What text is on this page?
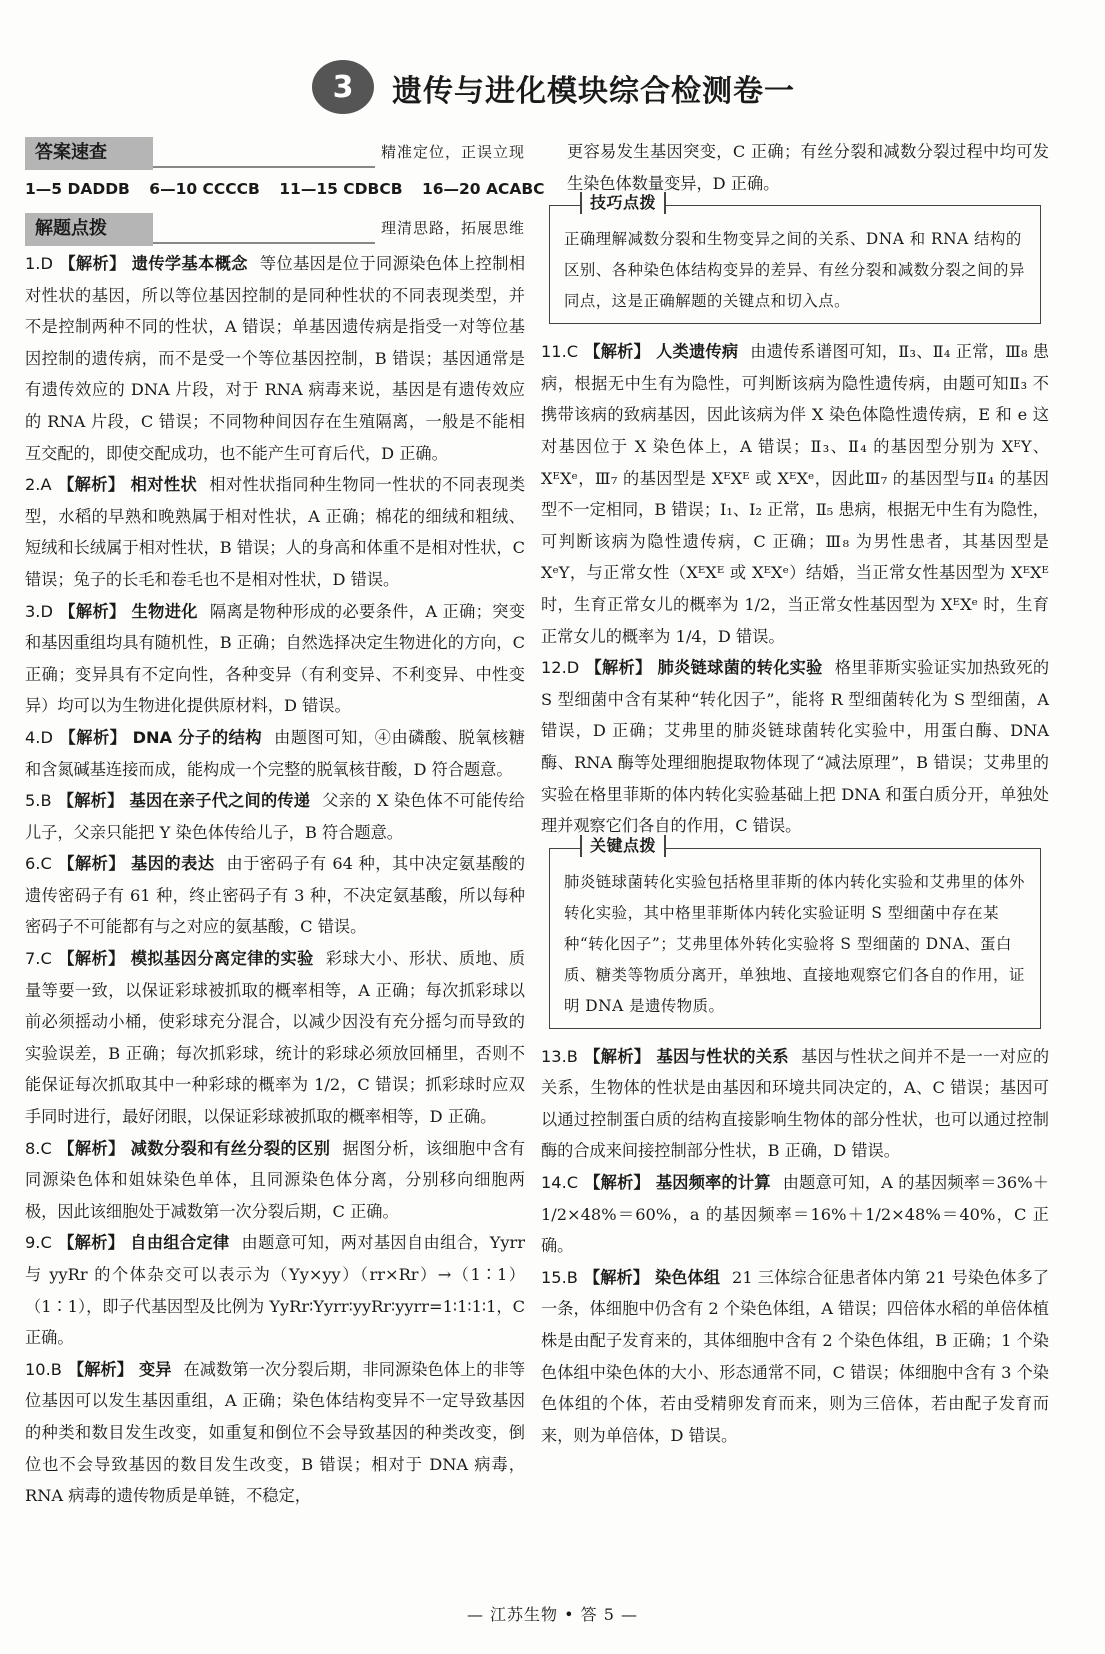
3	遗传与进化模块综合检测卷一
答案速查	精准定位，正误立现
1—5 DADDB 6—10 CCCCB 11—15 CDBCB 16—20 ACABC
解题点拨	理清思路，拓展思维
1.D 【解析】 遗传学基本概念 等位基因是位于同源染色体上控制相对性状的基因，所以等位基因控制的是同种性状的不同表现类型，并不是控制两种不同的性状，A 错误；单基因遗传病是指受一对等位基因控制的遗传病，而不是受一个等位基因控制，B 错误；基因通常是有遗传效应的 DNA 片段，对于 RNA 病毒来说，基因是有遗传效应的 RNA 片段，C 错误；不同物种间因存在生殖隔离，一般是不能相互交配的，即使交配成功，也不能产生可育后代，D 正确。
2.A 【解析】 相对性状 相对性状指同种生物同一性状的不同表现类型，水稻的早熟和晚熟属于相对性状，A 正确；棉花的细绒和粗绒、短绒和长绒属于相对性状，B 错误；人的身高和体重不是相对性状，C 错误；兔子的长毛和卷毛也不是相对性状，D 错误。
3.D 【解析】 生物进化 隔离是物种形成的必要条件，A 正确；突变和基因重组均具有随机性，B 正确；自然选择决定生物进化的方向，C 正确；变异具有不定向性，各种变异（有利变异、不利变异、中性变异）均可以为生物进化提供原材料，D 错误。
4.D 【解析】 DNA 分子的结构 由题图可知，④由磷酸、脱氧核糖和含氮碱基连接而成，能构成一个完整的脱氧核苷酸，D 符合题意。
5.B 【解析】 基因在亲子代之间的传递 父亲的 X 染色体不可能传给儿子，父亲只能把 Y 染色体传给儿子，B 符合题意。
6.C 【解析】 基因的表达 由于密码子有 64 种，其中决定氨基酸的遗传密码子有 61 种，终止密码子有 3 种，不决定氨基酸，所以每种密码子不可能都有与之对应的氨基酸，C 错误。
7.C 【解析】 模拟基因分离定律的实验 彩球大小、形状、质地、质量等要一致，以保证彩球被抓取的概率相等，A 正确；每次抓彩球以前必须摇动小桶，使彩球充分混合，以减少因没有充分摇匀而导致的实验误差，B 正确；每次抓彩球，统计的彩球必须放回桶里，否则不能保证每次抓取其中一种彩球的概率为 1/2，C 错误；抓彩球时应双手同时进行，最好闭眼，以保证彩球被抓取的概率相等，D 正确。
8.C 【解析】 减数分裂和有丝分裂的区别 据图分析，该细胞中含有同源染色体和姐妹染色单体，且同源染色体分离，分别移向细胞两极，因此该细胞处于减数第一次分裂后期，C 正确。
9.C 【解析】 自由组合定律 由题意可知，两对基因自由组合，Yyrr 与 yyRr 的个体杂交可以表示为（Yy×yy）（rr×Rr）→（1∶1）（1∶1），即子代基因型及比例为 YyRr∶Yyrr∶yyRr∶yyrr=1∶1∶1∶1，C 正确。
10.B 【解析】 变异 在减数第一次分裂后期，非同源染色体上的非等位基因可以发生基因重组，A 正确；染色体结构变异不一定导致基因的种类和数目发生改变，如重复和倒位不会导致基因的种类改变，倒位也不会导致基因的数目发生改变，B 错误；相对于 DNA 病毒，RNA 病毒的遗传物质是单链，不稳定，
更容易发生基因突变，C 正确；有丝分裂和减数分裂过程中均可发生染色体数量变异，D 正确。
技巧点拨
正确理解减数分裂和生物变异之间的关系、DNA 和 RNA 结构的区别、各种染色体结构变异的差异、有丝分裂和减数分裂之间的异同点，这是正确解题的关键点和切入点。
11.C 【解析】 人类遗传病 由遗传系谱图可知，Ⅱ₃、Ⅱ₄ 正常，Ⅲ₈ 患病，根据无中生有为隐性，可判断该病为隐性遗传病，由题可知Ⅱ₃ 不携带该病的致病基因，因此该病为伴 X 染色体隐性遗传病，E 和 e 这对基因位于 X 染色体上，A 错误；Ⅱ₃、Ⅱ₄ 的基因型分别为 XᴱY、XᴱXᵉ，Ⅲ₇ 的基因型是 XᴱXᴱ 或 XᴱXᵉ，因此Ⅲ₇ 的基因型与Ⅱ₄ 的基因型不一定相同，B 错误；Ⅰ₁、Ⅰ₂ 正常，Ⅱ₅ 患病，根据无中生有为隐性，可判断该病为隐性遗传病，C 正确；Ⅲ₈ 为男性患者，其基因型是 XᵉY，与正常女性（XᴱXᴱ 或 XᴱXᵉ）结婚，当正常女性基因型为 XᴱXᴱ 时，生育正常女儿的概率为 1/2，当正常女性基因型为 XᴱXᵉ 时，生育正常女儿的概率为 1/4，D 错误。
12.D 【解析】 肺炎链球菌的转化实验 格里菲斯实验证实加热致死的 S 型细菌中含有某种“转化因子”，能将 R 型细菌转化为 S 型细菌，A 错误，D 正确；艾弗里的肺炎链球菌转化实验中，用蛋白酶、DNA 酶、RNA 酶等处理细胞提取物体现了“减法原理”，B 错误；艾弗里的实验在格里菲斯的体内转化实验基础上把 DNA 和蛋白质分开，单独处理并观察它们各自的作用，C 错误。
关键点拨
肺炎链球菌转化实验包括格里菲斯的体内转化实验和艾弗里的体外转化实验，其中格里菲斯体内转化实验证明 S 型细菌中存在某种“转化因子”；艾弗里体外转化实验将 S 型细菌的 DNA、蛋白质、糖类等物质分离开，单独地、直接地观察它们各自的作用，证明 DNA 是遗传物质。
13.B 【解析】 基因与性状的关系 基因与性状之间并不是一一对应的关系，生物体的性状是由基因和环境共同决定的，A、C 错误；基因可以通过控制蛋白质的结构直接影响生物体的部分性状，也可以通过控制酶的合成来间接控制部分性状，B 正确，D 错误。
14.C 【解析】 基因频率的计算 由题意可知，A 的基因频率＝36%＋1/2×48%＝60%，a 的基因频率＝16%＋1/2×48%＝40%，C 正确。
15.B 【解析】 染色体组 21 三体综合征患者体内第 21 号染色体多了一条，体细胞中仍含有 2 个染色体组，A 错误；四倍体水稻的单倍体植株是由配子发育来的，其体细胞中含有 2 个染色体组，B 正确；1 个染色体组中染色体的大小、形态通常不同，C 错误；体细胞中含有 3 个染色体组的个体，若由受精卵发育而来，则为三倍体，若由配子发育而来，则为单倍体，D 错误。
— 江苏生物 • 答 5 —
